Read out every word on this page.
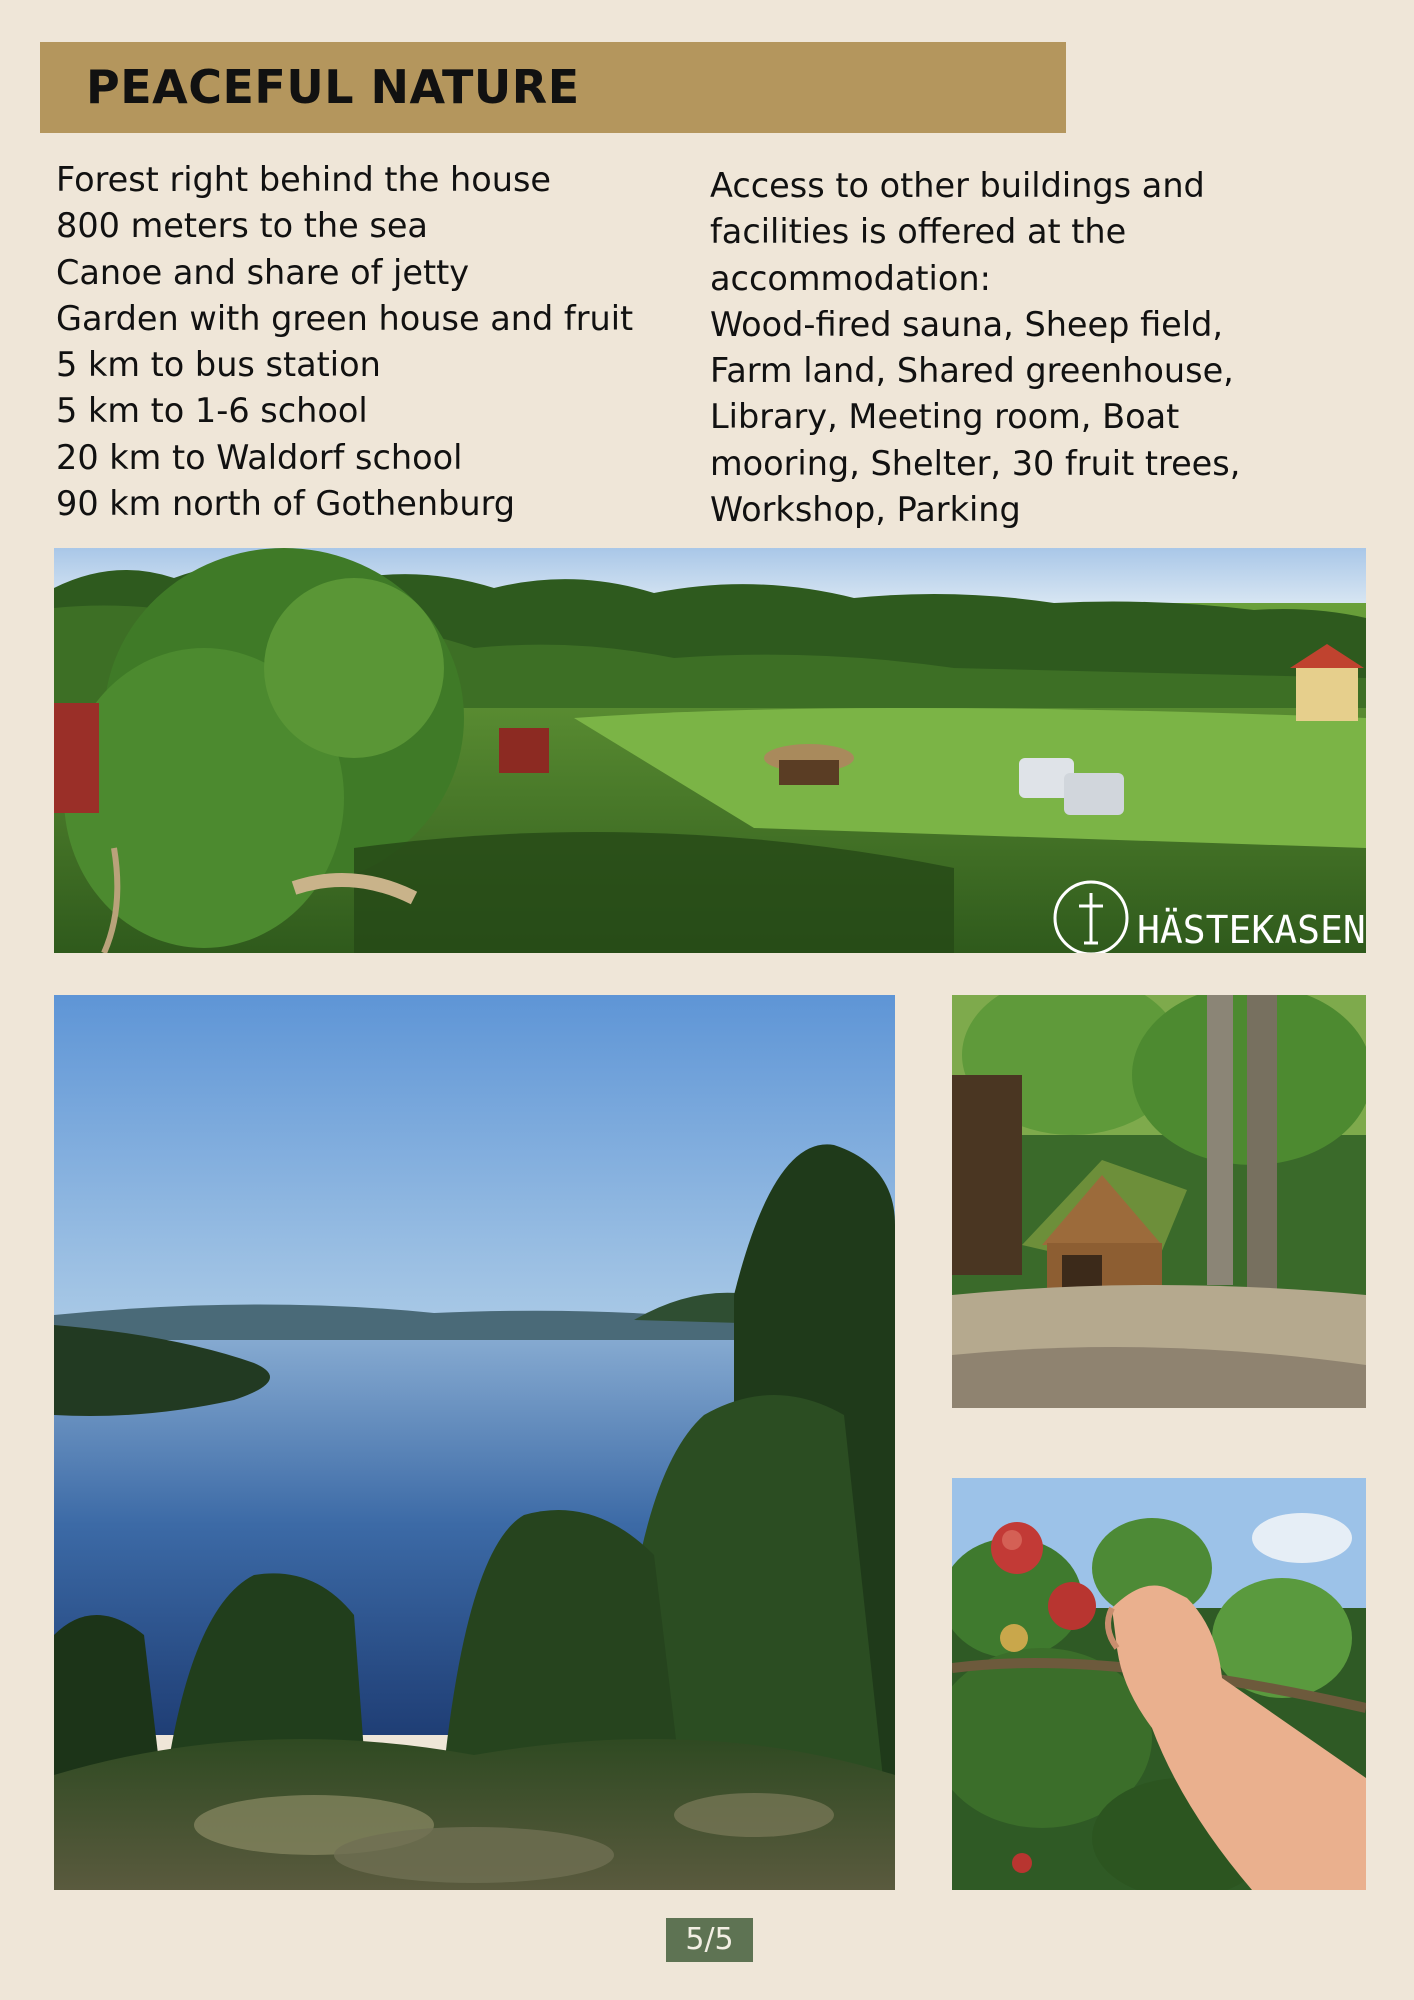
PEACEFUL NATURE

Forest right behind the house

800 meters to the sea

Canoe and share of jetty

Garden with green house and fruit

5 km to bus station

5 km to 1-6 school

20 km to Waldorf school

90 km north of Gothenburg

Access to other buildings and

facilities is offered at the

accommodation:

Wood-fired sauna, Sheep field,

Farm land, Shared greenhouse,

Library, Meeting room, Boat

mooring, Shelter, 30 fruit trees,

Workshop, Parking

HÄSTEKASEN
5/5
